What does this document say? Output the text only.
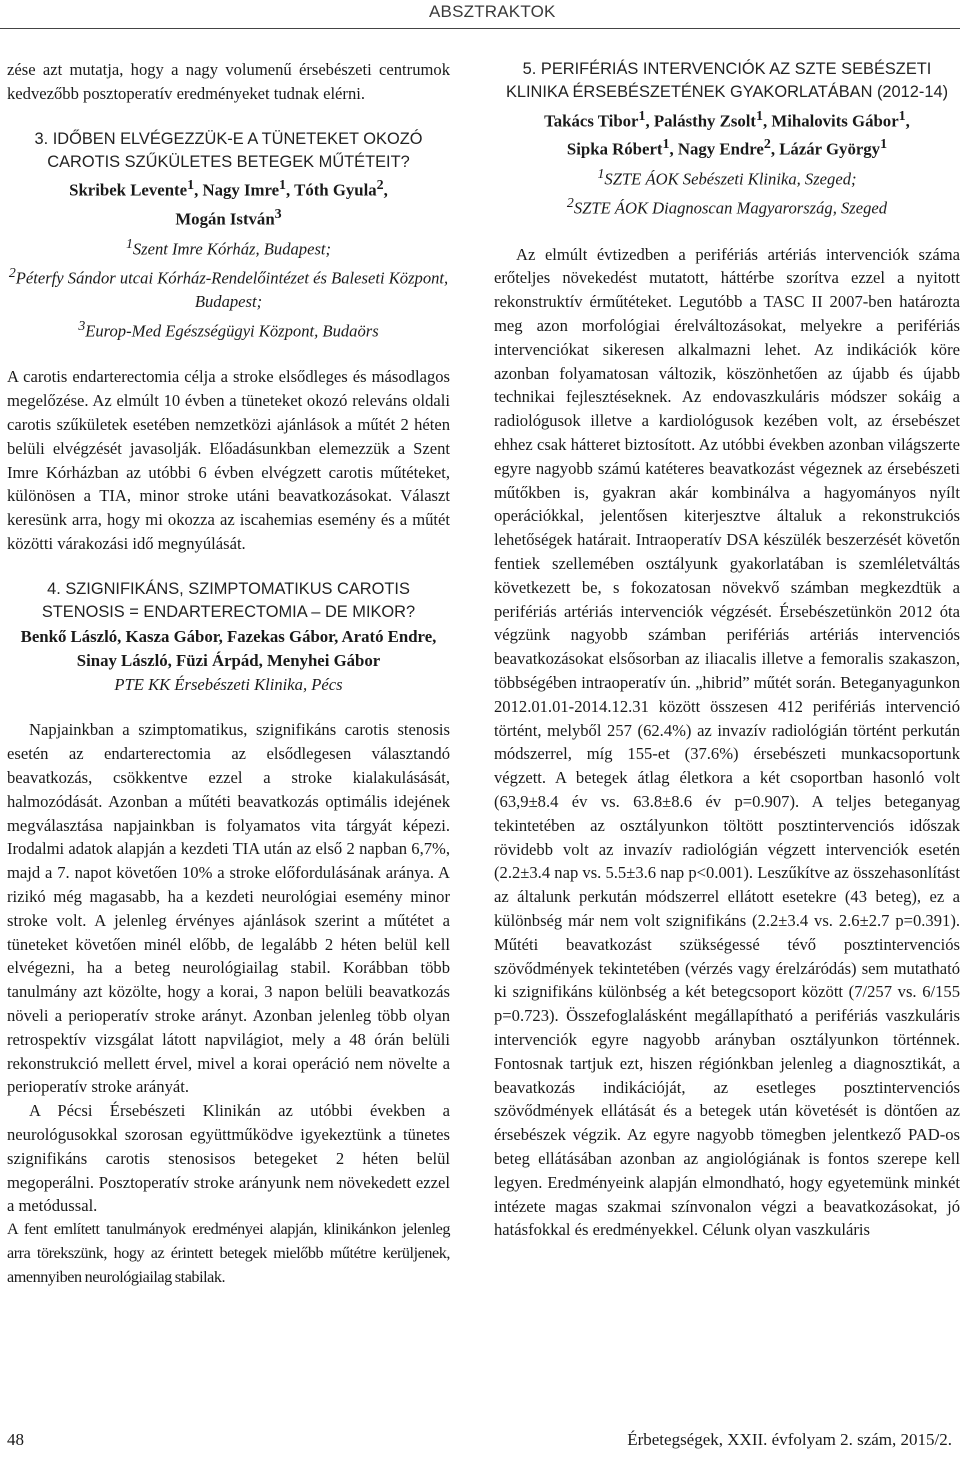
ABSZTRAKTOK

zése azt mutatja, hogy a nagy volumenű érsebészeti centrumok kedvezőbb posztoperatív eredményeket tudnak elérni.

3. IDŐBEN ELVÉGEZZÜK-E A TÜNETEKET OKOZÓ CAROTIS SZŰKÜLETES BETEGEK MŰTÉTEIT?

Skribek Levente$^1$, Nagy Imre$^1$, Tóth Gyula$^2$,
Mogán István$^3$

$^1$Szent Imre Kórház, Budapest;

$^2$Péterfy Sándor utcai Kórház-Rendelőintézet és Baleseti Központ, Budapest;

$^3$Europ-Med Egészségügyi Központ, Budaörs

A carotis endarterectomia célja a stroke elsődleges és másodlagos megelőzése. Az elmúlt 10 évben a tüneteket okozó releváns oldali carotis szűkületek esetében nemzetközi ajánlások a műtét 2 héten belüli elvégzését javasolják. Előadásunkban elemezzük a Szent Imre Kórházban az utóbbi 6 évben elvégzett carotis műtéteket, különösen a TIA, minor stroke utáni beavatkozásokat. Választ keresünk arra, hogy mi okozza az iscahemias esemény és a műtét közötti várakozási idő megnyúlását.

4. SZIGNIFIKÁNS, SZIMPTOMATIKUS CAROTIS STENOSIS = ENDARTERECTOMIA – DE MIKOR?

Benkő László, Kasza Gábor, Fazekas Gábor, Arató Endre, Sinay László, Füzi Árpád, Menyhei Gábor

PTE KK Érsebészeti Klinika, Pécs

Napjainkban a szimptomatikus, szignifikáns carotis stenosis esetén az endarterectomia az elsődlegesen választandó beavatkozás, csökkentve ezzel a stroke kialakulásását, halmozódását. Azonban a műtéti beavatkozás optimális idejének megválasztása napjainkban is folyamatos vita tárgyát képezi. Irodalmi adatok alapján a kezdeti TIA után az első 2 napban 6,7%, majd a 7. napot követően 10% a stroke előfordulásának aránya. A rizikó még magasabb, ha a kezdeti neurológiai esemény minor stroke volt. A jelenleg érvényes ajánlások szerint a műtétet a tüneteket követően minél előbb, de legalább 2 héten belül kell elvégezni, ha a beteg neurológiailag stabil. Korábban több tanulmány azt közölte, hogy a korai, 3 napon belüli beavatkozás növeli a perioperatív stroke arányt. Azonban jelenleg több olyan retrospektív vizsgálat látott napvilágiot, mely a 48 órán belüli rekonstrukció mellett érvel, mivel a korai operáció nem növelte a perioperatív stroke arányát.

A Pécsi Érsebészeti Klinikán az utóbbi években a neurológusokkal szorosan együttműködve igyekeztünk a tünetes szignifikáns carotis stenosisos betegeket 2 héten belül megoperálni. Posztoperatív stroke arányunk nem növekedett ezzel a metódussal.

A fent említett tanulmányok eredményei alapján, klinikánkon jelenleg arra törekszünk, hogy az érintett betegek mielőbb műtétre kerüljenek, amennyiben neurológiailag stabilak.

5. PERIFÉRIÁS INTERVENCIÓK AZ SZTE SEBÉSZETI KLINIKA ÉRSEBÉSZETÉNEK GYAKORLATÁBAN (2012-14)

Takács Tibor$^1$, Palásthy Zsolt$^1$, Mihalovits Gábor$^1$,
Sipka Róbert$^1$, Nagy Endre$^2$, Lázár György$^1$

$^1$SZTE ÁOK Sebészeti Klinika, Szeged;

$^2$SZTE ÁOK Diagnoscan Magyarország, Szeged

Az elmúlt évtizedben a perifériás artériás intervenciók száma erőteljes növekedést mutatott, háttérbe szorítva ezzel a nyitott rekonstruktív érműtéteket. Legutóbb a TASC II 2007-ben határozta meg azon morfológiai érelváltozásokat, melyekre a perifériás intervenciókat sikeresen alkalmazni lehet. Az indikációk köre azonban folyamatosan változik, köszönhetően az újabb és újabb technikai fejlesztéseknek. Az endovaszkuláris módszer sokáig a radiológusok illetve a kardiológusok kezében volt, az érsebészet ehhez csak hátteret biztosított. Az utóbbi években azonban világszerte egyre nagyobb számú katéteres beavatkozást végeznek az érsebészeti műtőkben is, gyakran akár kombinálva a hagyományos nyílt operációkkal, jelentősen kiterjesztve általuk a rekonstrukciós lehetőségek határait. Intraoperatív DSA készülék beszerzését követőn fentiek szellemében osztályunk gyakorlatában is szemléletváltás következett be, s fokozatosan növekvő számban megkezdtük a perifériás artériás intervenciók végzését. Érsebészetünkön 2012 óta végzünk nagyobb számban perifériás artériás intervenciós beavatkozásokat elsősorban az iliacalis illetve a femoralis szakaszon, többségében intraoperatív ún. „hibrid” műtét során. Beteganyagunkon 2012.01.01-2014.12.31 között összesen 412 perifériás intervenció történt, melyből 257 (62.4%) az invazív radiológián történt perkután módszerrel, míg 155-et (37.6%) érsebészeti munkacsoportunk végzett. A betegek átlag életkora a két csoportban hasonló volt (63,9±8.4 év vs. 63.8±8.6 év p=0.907). A teljes beteganyag tekintetében az osztályunkon töltött posztintervenciós időszak rövidebb volt az invazív radiológián végzett intervenciók esetén (2.2±3.4 nap vs. 5.5±3.6 nap p<0.001). Leszűkítve az összehasonlítást az általunk perkután módszerrel ellátott esetekre (43 beteg), ez a különbség már nem volt szignifikáns (2.2±3.4 vs. 2.6±2.7 p=0.391). Műtéti beavatkozást szükségessé tévő posztintervenciós szövődmények tekintetében (vérzés vagy érelzáródás) sem mutatható ki szignifikáns különbség a két betegcsoport között (7/257 vs. 6/155 p=0.723). Összefoglalásként megállapítható a perifériás vaszkuláris intervenciók egyre nagyobb arányban osztályunkon történnek. Fontosnak tartjuk ezt, hiszen régiónkban jelenleg a diagnosztikát, a beavatkozás indikációját, az esetleges posztintervenciós szövődmények ellátását és a betegek után követését is döntően az érsebészek végzik. Az egyre nagyobb tömegben jelentkező PAD-os beteg ellátásában azonban az angiológiának is fontos szerepe kell legyen. Eredményeink alapján elmondható, hogy egyetemünk minkét intézete magas szakmai színvonalon végzi a beavatkozásokat, jó hatásfokkal és eredményekkel. Célunk olyan vaszkuláris

48	Érbetegségek, XXII. évfolyam 2. szám, 2015/2.
